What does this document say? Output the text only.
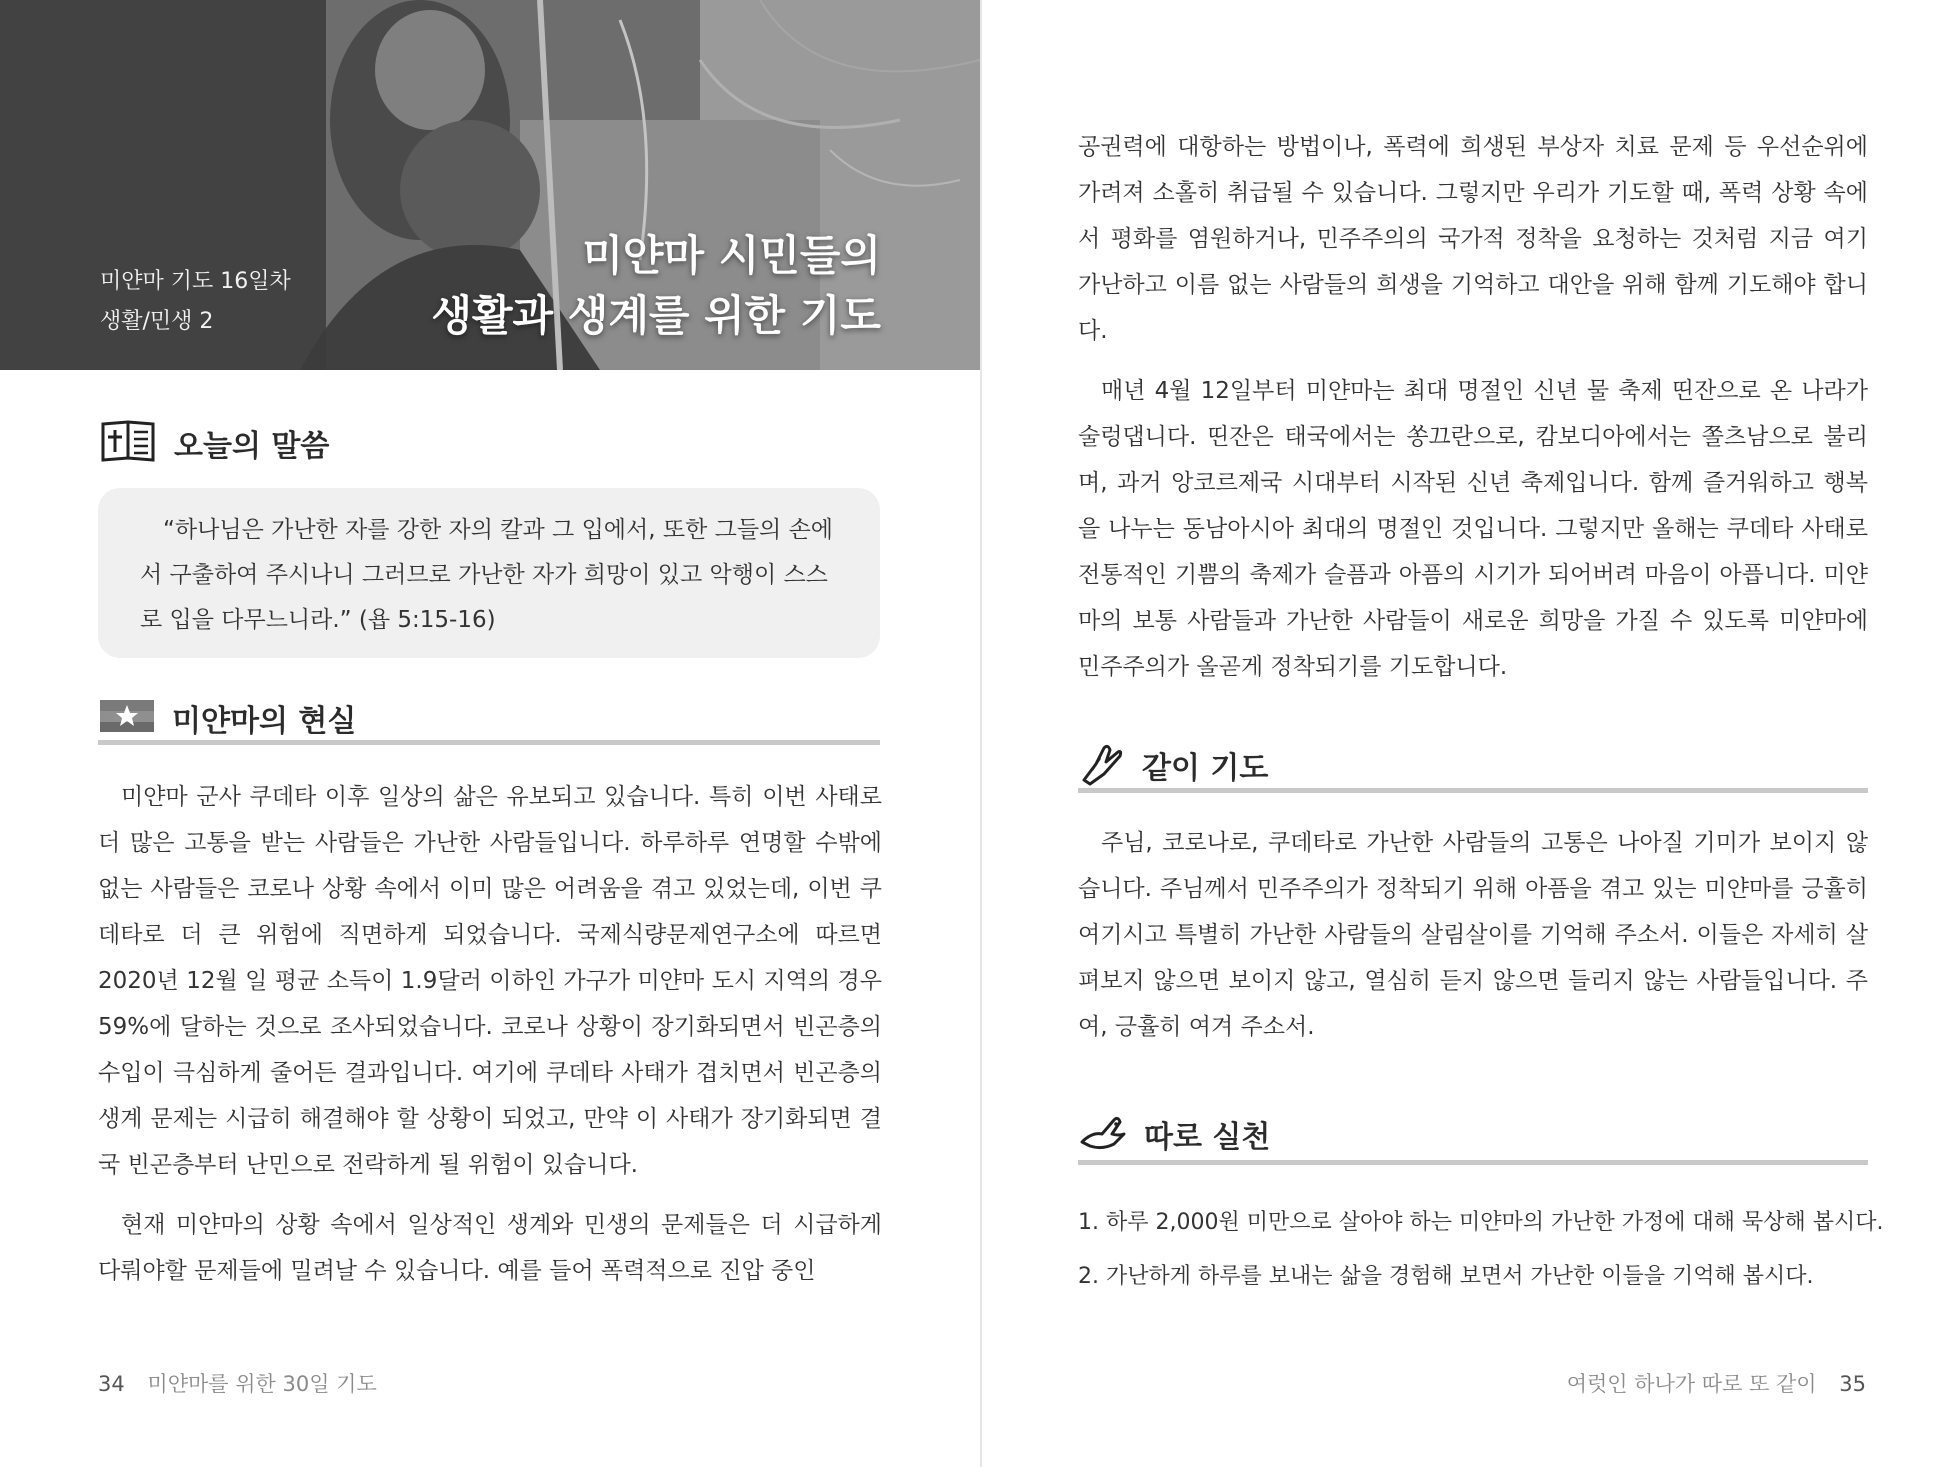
미얀마 기도 16일차
생활/민생 2
미얀마 시민들의
생활과 생계를 위한 기도
오늘의 말씀

“하나님은 가난한 자를 강한 자의 칼과 그 입에서, 또한 그들의 손에서 구출하여 주시나니 그러므로 가난한 자가 희망이 있고 악행이 스스로 입을 다무느니라.” (욥 5:15-16)

미얀마의 현실

미얀마 군사 쿠데타 이후 일상의 삶은 유보되고 있습니다. 특히 이번 사태로 더 많은 고통을 받는 사람들은 가난한 사람들입니다. 하루하루 연명할 수밖에 없는 사람들은 코로나 상황 속에서 이미 많은 어려움을 겪고 있었는데, 이번 쿠데타로 더 큰 위험에 직면하게 되었습니다. 국제식량문제연구소에 따르면 2020년 12월 일 평균 소득이 1.9달러 이하인 가구가 미얀마 도시 지역의 경우 59%에 달하는 것으로 조사되었습니다. 코로나 상황이 장기화되면서 빈곤층의 수입이 극심하게 줄어든 결과입니다. 여기에 쿠데타 사태가 겹치면서 빈곤층의 생계 문제는 시급히 해결해야 할 상황이 되었고, 만약 이 사태가 장기화되면 결국 빈곤층부터 난민으로 전락하게 될 위험이 있습니다.

현재 미얀마의 상황 속에서 일상적인 생계와 민생의 문제들은 더 시급하게 다뤄야할 문제들에 밀려날 수 있습니다. 예를 들어 폭력적으로 진압 중인

34 미얀마를 위한 30일 기도

공권력에 대항하는 방법이나, 폭력에 희생된 부상자 치료 문제 등 우선순위에 가려져 소홀히 취급될 수 있습니다. 그렇지만 우리가 기도할 때, 폭력 상황 속에서 평화를 염원하거나, 민주주의의 국가적 정착을 요청하는 것처럼 지금 여기 가난하고 이름 없는 사람들의 희생을 기억하고 대안을 위해 함께 기도해야 합니다.

매년 4월 12일부터 미얀마는 최대 명절인 신년 물 축제 띤잔으로 온 나라가 술렁댑니다. 띤잔은 태국에서는 쏭끄란으로, 캄보디아에서는 쫄츠남으로 불리며, 과거 앙코르제국 시대부터 시작된 신년 축제입니다. 함께 즐거워하고 행복을 나누는 동남아시아 최대의 명절인 것입니다. 그렇지만 올해는 쿠데타 사태로 전통적인 기쁨의 축제가 슬픔과 아픔의 시기가 되어버려 마음이 아픕니다. 미얀마의 보통 사람들과 가난한 사람들이 새로운 희망을 가질 수 있도록 미얀마에 민주주의가 올곧게 정착되기를 기도합니다.

같이 기도

주님, 코로나로, 쿠데타로 가난한 사람들의 고통은 나아질 기미가 보이지 않습니다. 주님께서 민주주의가 정착되기 위해 아픔을 겪고 있는 미얀마를 긍휼히 여기시고 특별히 가난한 사람들의 살림살이를 기억해 주소서. 이들은 자세히 살펴보지 않으면 보이지 않고, 열심히 듣지 않으면 들리지 않는 사람들입니다. 주여, 긍휼히 여겨 주소서.

따로 실천
1. 하루 2,000원 미만으로 살아야 하는 미얀마의 가난한 가정에 대해 묵상해 봅시다.
2. 가난하게 하루를 보내는 삶을 경험해 보면서 가난한 이들을 기억해 봅시다.
여럿인 하나가 따로 또 같이 35
